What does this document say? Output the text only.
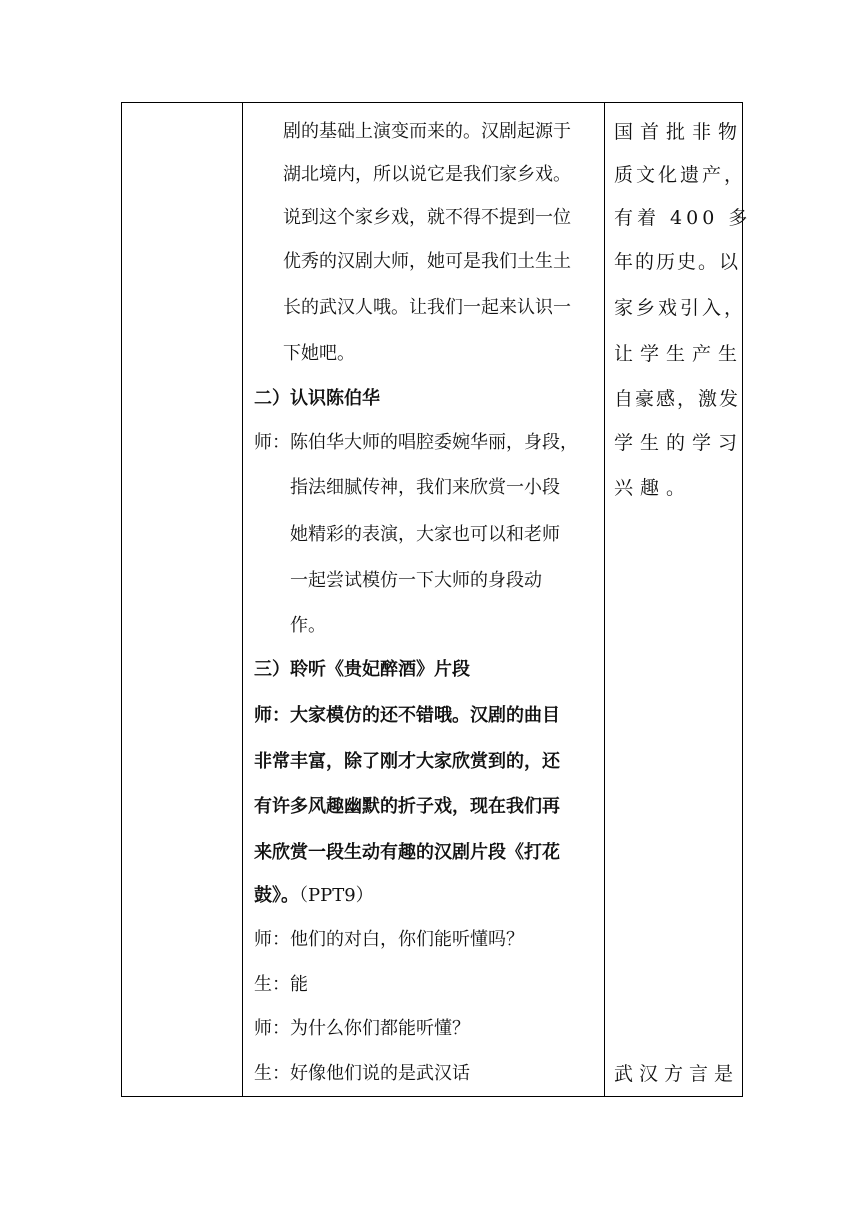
剧的基础上演变而来的。汉剧起源于
湖北境内，所以说它是我们家乡戏。
说到这个家乡戏，就不得不提到一位
优秀的汉剧大师，她可是我们土生土
长的武汉人哦。让我们一起来认识一
下她吧。
二）认识陈伯华
师：陈伯华大师的唱腔委婉华丽，身段，
指法细腻传神，我们来欣赏一小段
她精彩的表演，大家也可以和老师
一起尝试模仿一下大师的身段动
作。
三）聆听《贵妃醉酒》片段
师：大家模仿的还不错哦。汉剧的曲目
非常丰富，除了刚才大家欣赏到的，还
有许多风趣幽默的折子戏，现在我们再
来欣赏一段生动有趣的汉剧片段《打花
鼓》。（PPT9）
师：他们的对白，你们能听懂吗？
生：能
师：为什么你们都能听懂？
生：好像他们说的是武汉话
国首批非物
质文化遗产，
有着 400 多
年的历史。以
家乡戏引入，
让学生产生
自豪感，激发
学生的学习
兴趣。
武汉方言是
